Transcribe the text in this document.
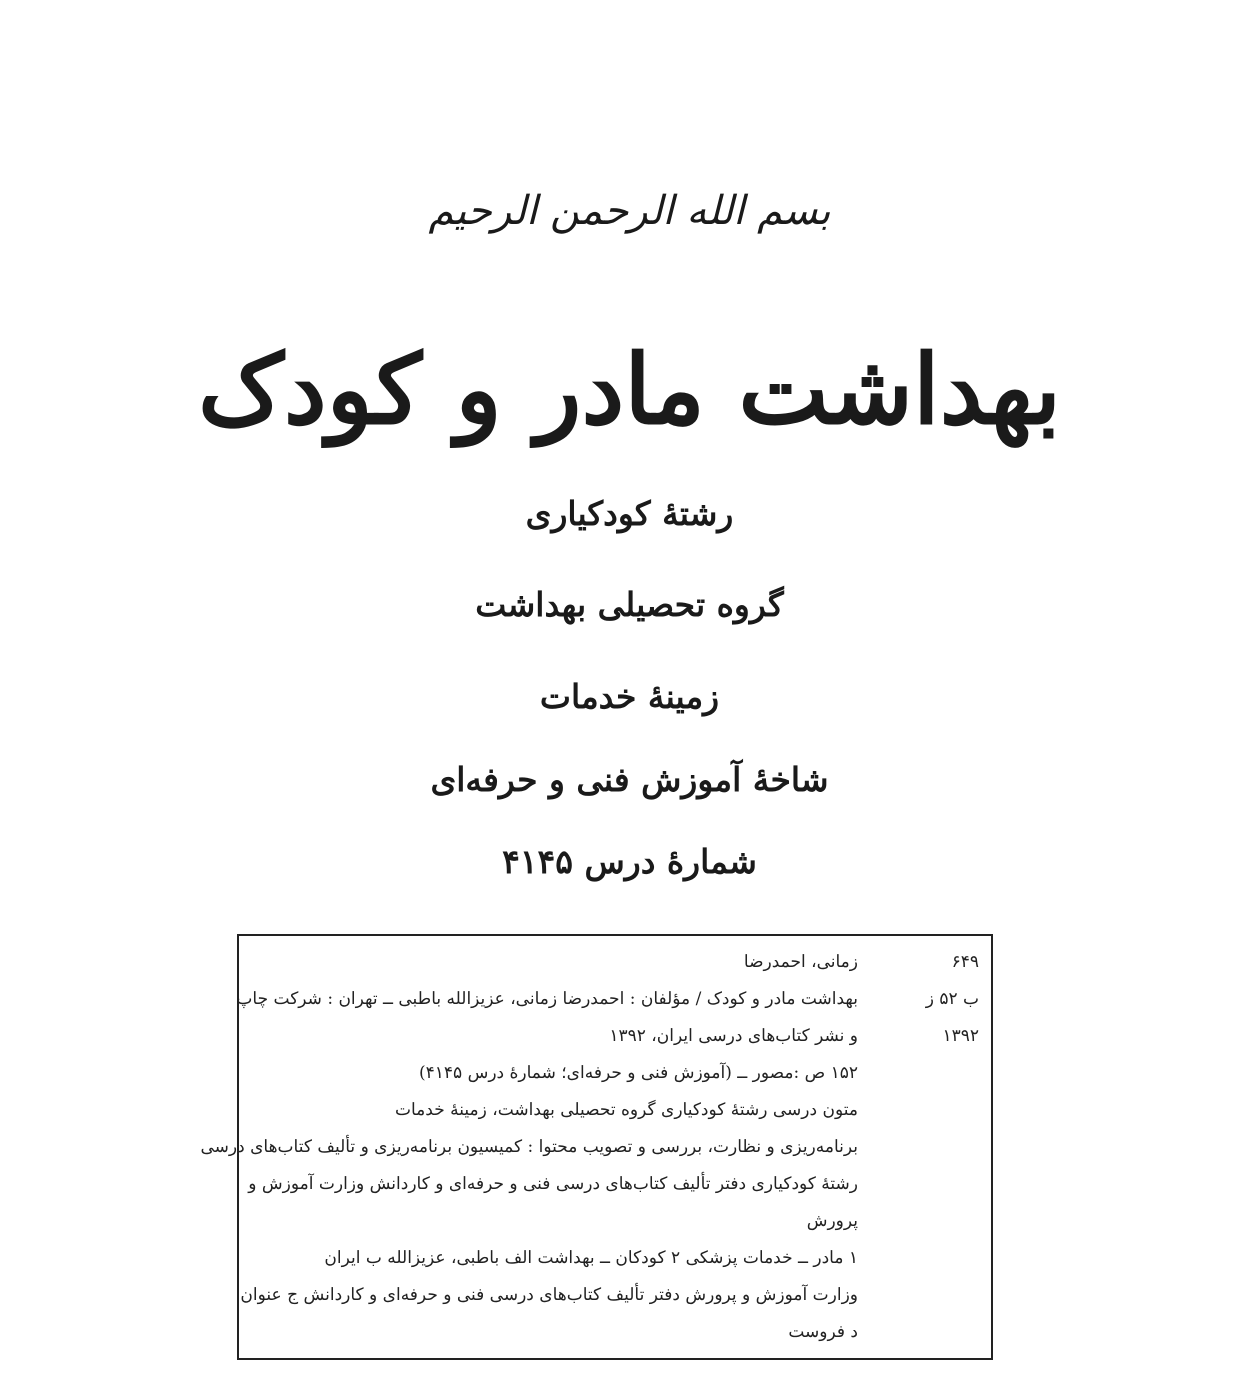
بسم الله الرحمن الرحیم
بهداشت مادر و کودک
رشتهٔ کودکیاری
گروه تحصیلی بهداشت
زمینهٔ خدمات
شاخهٔ آموزش فنی و حرفه‌ای
شمارهٔ درس ۴۱۴۵
۶۴۹
ب ۵۲ ز
۱۳۹۲
زمانی، احمدرضا
بهداشت مادر و کودک / مؤلفان : احمدرضا زمانی، عزیزالله باطبی ــ تهران : شرکت چاپ
و نشر کتاب‌های درسی ایران، ۱۳۹۲
۱۵۲ ص :مصور ــ (آموزش فنی و حرفه‌ای؛ شمارهٔ درس ۴۱۴۵)
متون درسی رشتهٔ کودکیاری گروه تحصیلی بهداشت، زمینهٔ خدمات
برنامه‌ریزی و نظارت، بررسی و تصویب محتوا : کمیسیون برنامه‌ریزی و تألیف کتاب‌های درسی
رشتهٔ کودکیاری دفتر تألیف کتاب‌های درسی فنی و حرفه‌ای و کاردانش وزارت آموزش و
پرورش
۱ مادر ــ خدمات پزشکی ۲ کودکان ــ بهداشت الف باطبی، عزیزالله ب ایران
وزارت آموزش و پرورش دفتر تألیف کتاب‌های درسی فنی و حرفه‌ای و کاردانش ج عنوان
د فروست
